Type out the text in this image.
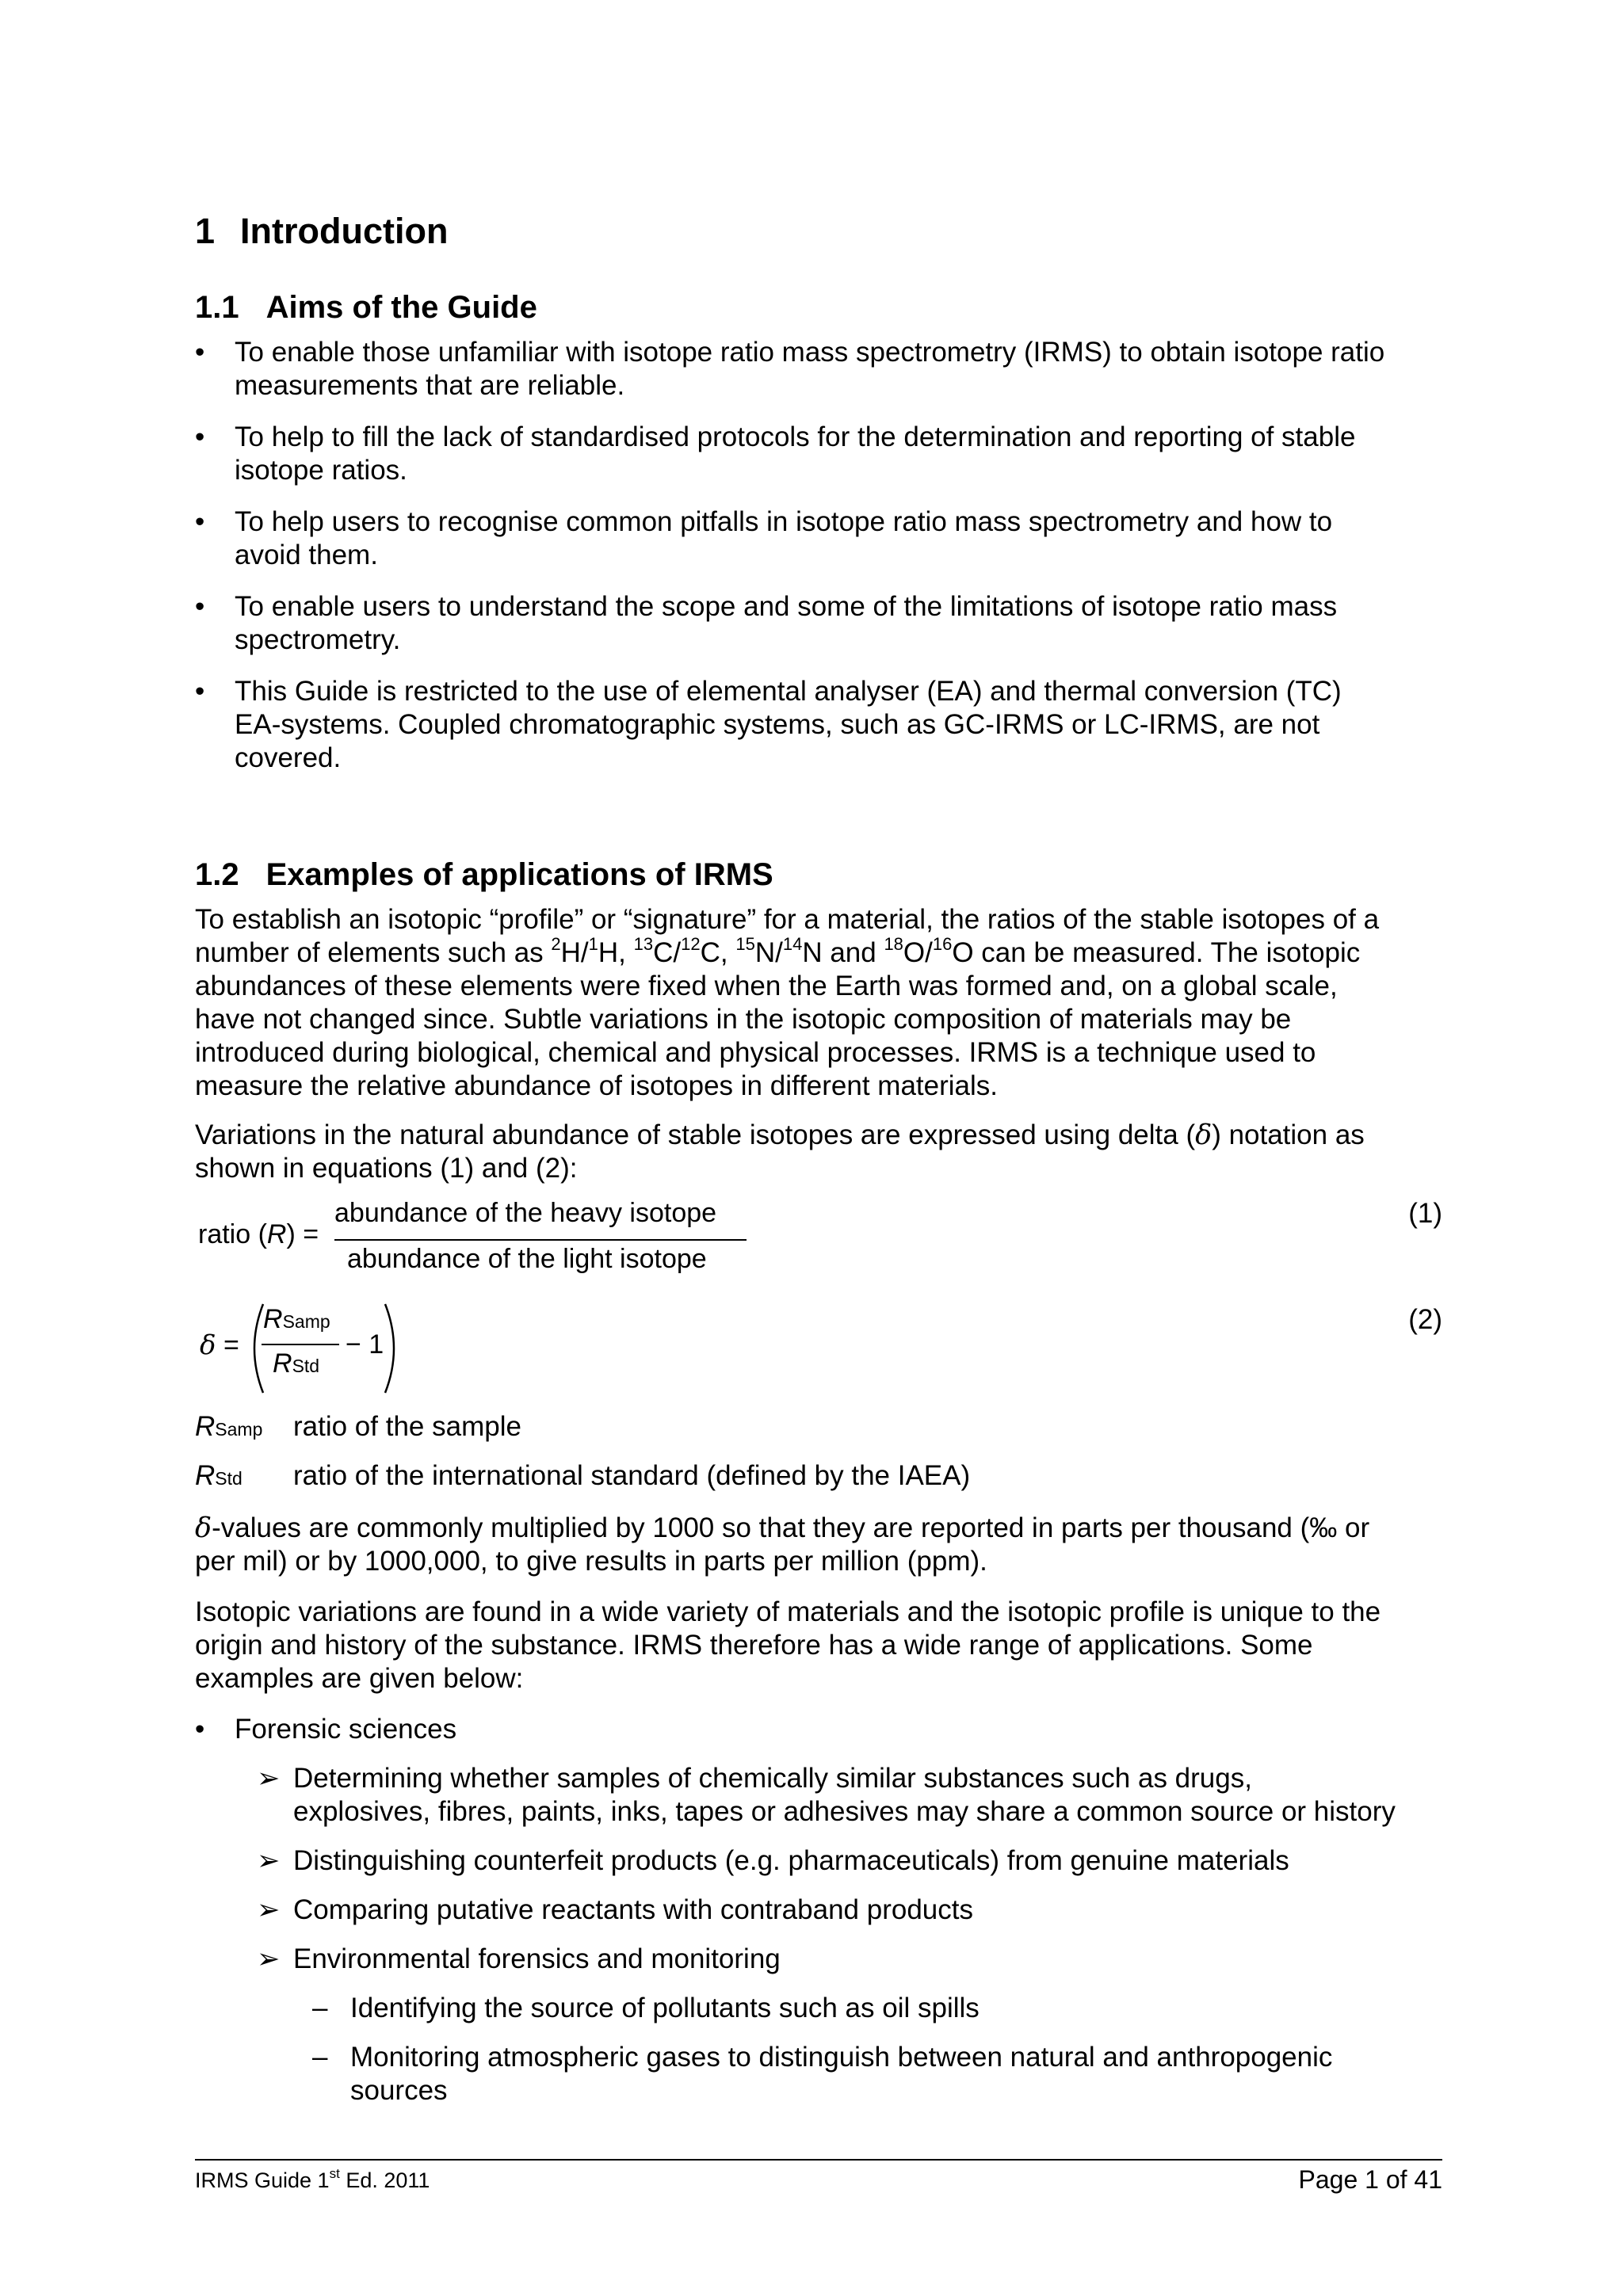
1 Introduction
1.1 Aims of the Guide
• To enable those unfamiliar with isotope ratio mass spectrometry (IRMS) to obtain isotope ratio
measurements that are reliable.
• To help to fill the lack of standardised protocols for the determination and reporting of stable
isotope ratios.
• To help users to recognise common pitfalls in isotope ratio mass spectrometry and how to
avoid them.
• To enable users to understand the scope and some of the limitations of isotope ratio mass
spectrometry.
• This Guide is restricted to the use of elemental analyser (EA) and thermal conversion (TC)
EA-systems. Coupled chromatographic systems, such as GC-IRMS or LC-IRMS, are not
covered.
1.2 Examples of applications of IRMS
To establish an isotopic “profile” or “signature” for a material, the ratios of the stable isotopes of a
number of elements such as $^2$H/$^1$H, $^{13}$C/$^{12}$C, $^{15}$N/$^{14}$N and $^{18}$O/$^{16}$O can be measured. The isotopic
abundances of these elements were fixed when the Earth was formed and, on a global scale,
have not changed since. Subtle variations in the isotopic composition of materials may be
introduced during biological, chemical and physical processes. IRMS is a technique used to
measure the relative abundance of isotopes in different materials.
Variations in the natural abundance of stable isotopes are expressed using delta (δ) notation as
shown in equations (1) and (2):
ratio (R) =
abundance of the heavy isotope
abundance of the light isotope
(1)
δ =
RSamp
RStd
− 1
(2)
RSamp ratio of the sample
RStd ratio of the international standard (defined by the IAEA)
δ-values are commonly multiplied by 1000 so that they are reported in parts per thousand (‰ or
per mil) or by 1000,000, to give results in parts per million (ppm).
Isotopic variations are found in a wide variety of materials and the isotopic profile is unique to the
origin and history of the substance. IRMS therefore has a wide range of applications. Some
examples are given below:
• Forensic sciences
➢ Determining whether samples of chemically similar substances such as drugs,
explosives, fibres, paints, inks, tapes or adhesives may share a common source or history
➢ Distinguishing counterfeit products (e.g. pharmaceuticals) from genuine materials
➢ Comparing putative reactants with contraband products
➢ Environmental forensics and monitoring
– Identifying the source of pollutants such as oil spills
– Monitoring atmospheric gases to distinguish between natural and anthropogenic
sources
IRMS Guide 1st Ed. 2011	Page 1 of 41
